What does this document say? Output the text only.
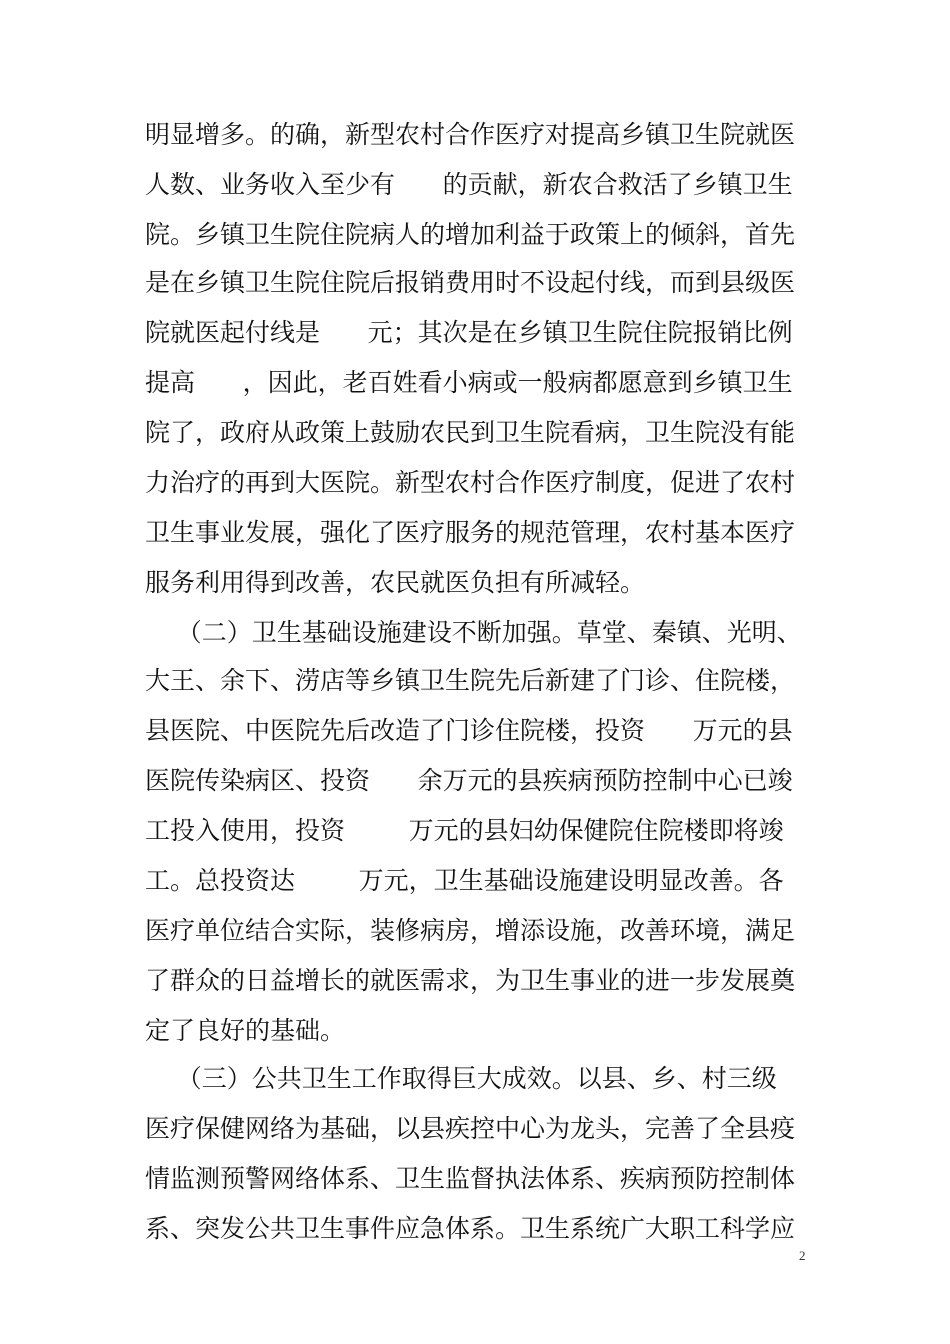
明显增多。的确，新型农村合作医疗对提高乡镇卫生院就医
人数、业务收入至少有      的贡献，新农合救活了乡镇卫生
院。乡镇卫生院住院病人的增加利益于政策上的倾斜，首先
是在乡镇卫生院住院后报销费用时不设起付线，而到县级医
院就医起付线是      元；其次是在乡镇卫生院住院报销比例
提高      ，因此，老百姓看小病或一般病都愿意到乡镇卫生
院了，政府从政策上鼓励农民到卫生院看病，卫生院没有能
力治疗的再到大医院。新型农村合作医疗制度，促进了农村
卫生事业发展，强化了医疗服务的规范管理，农村基本医疗
服务利用得到改善，农民就医负担有所减轻。
（二）卫生基础设施建设不断加强。草堂、秦镇、光明、
大王、余下、涝店等乡镇卫生院先后新建了门诊、住院楼，
县医院、中医院先后改造了门诊住院楼，投资      万元的县
医院传染病区、投资      余万元的县疾病预防控制中心已竣
工投入使用，投资        万元的县妇幼保健院住院楼即将竣
工。总投资达        万元，卫生基础设施建设明显改善。各
医疗单位结合实际，装修病房，增添设施，改善环境，满足
了群众的日益增长的就医需求，为卫生事业的进一步发展奠
定了良好的基础。
（三）公共卫生工作取得巨大成效。以县、乡、村三级
医疗保健网络为基础，以县疾控中心为龙头，完善了全县疫
情监测预警网络体系、卫生监督执法体系、疾病预防控制体
系、突发公共卫生事件应急体系。卫生系统广大职工科学应
2
